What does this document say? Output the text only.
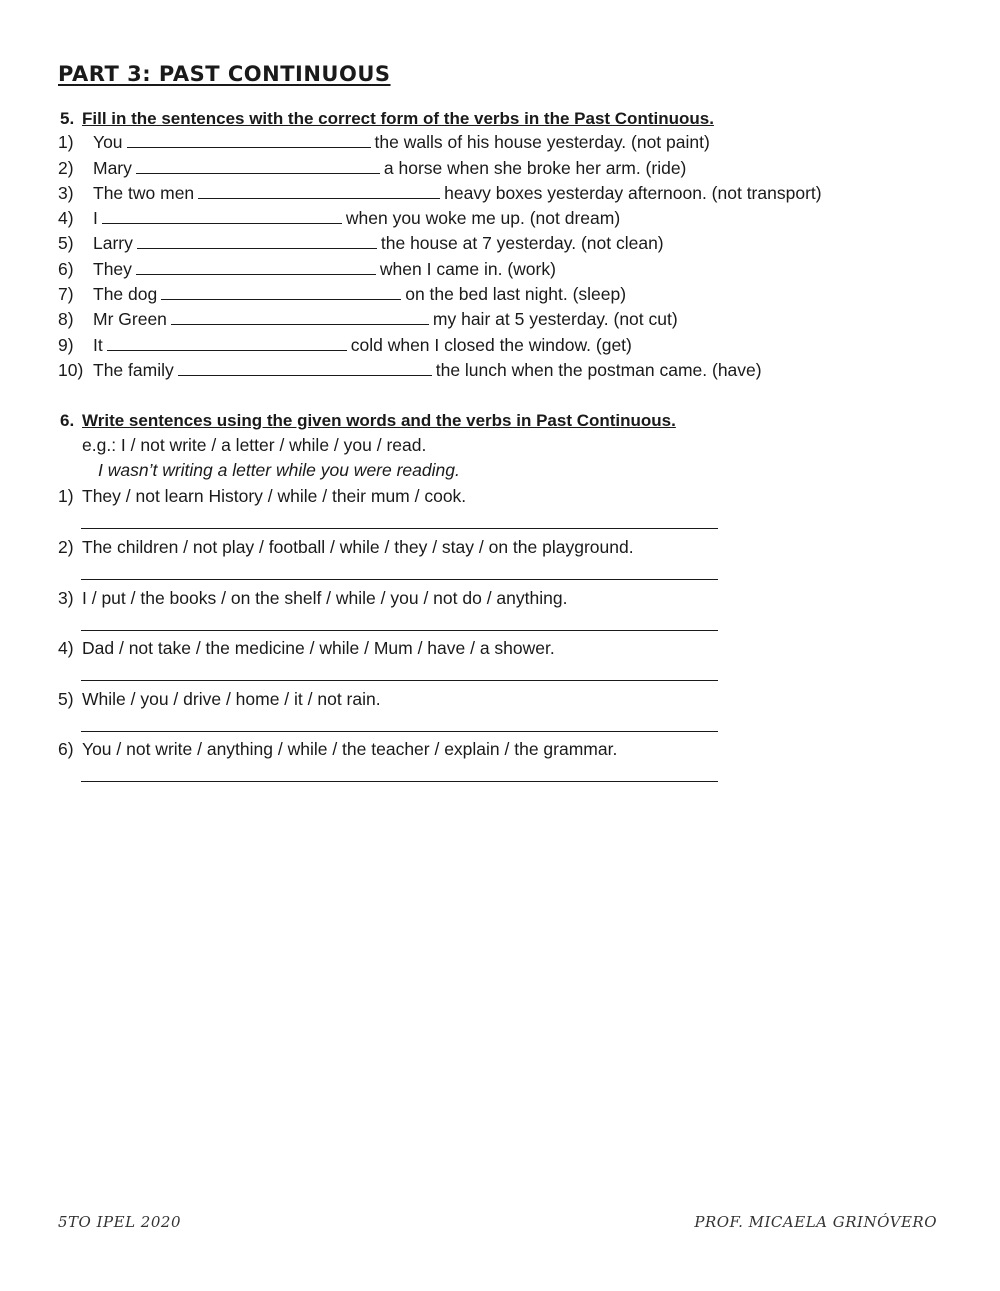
PART 3: PAST CONTINUOUS
5. Fill in the sentences with the correct form of the verbs in the Past Continuous.
1) You	the walls of his house yesterday. (not paint)
2) Mary	a horse when she broke her arm. (ride)
3) The two men	heavy boxes yesterday afternoon. (not transport)
4) I	when you woke me up. (not dream)
5) Larry	the house at 7 yesterday. (not clean)
6) They	when I came in. (work)
7) The dog	on the bed last night. (sleep)
8) Mr Green	my hair at 5 yesterday. (not cut)
9) It	cold when I closed the window. (get)
10) The family	the lunch when the postman came. (have)
6. Write sentences using the given words and the verbs in Past Continuous.
e.g.: I / not write / a letter / while / you / read.
I wasn’t writing a letter while you were reading.
1) They / not learn History / while / their mum / cook.
2) The children / not play / football / while / they / stay / on the playground.
3) I / put / the books / on the shelf / while / you / not do / anything.
4) Dad / not take / the medicine / while / Mum / have / a shower.
5) While / you / drive / home / it / not rain.
6) You / not write / anything / while / the teacher / explain / the grammar.
5TO IPEL 2020	PROF. MICAELA GRINÓVERO
